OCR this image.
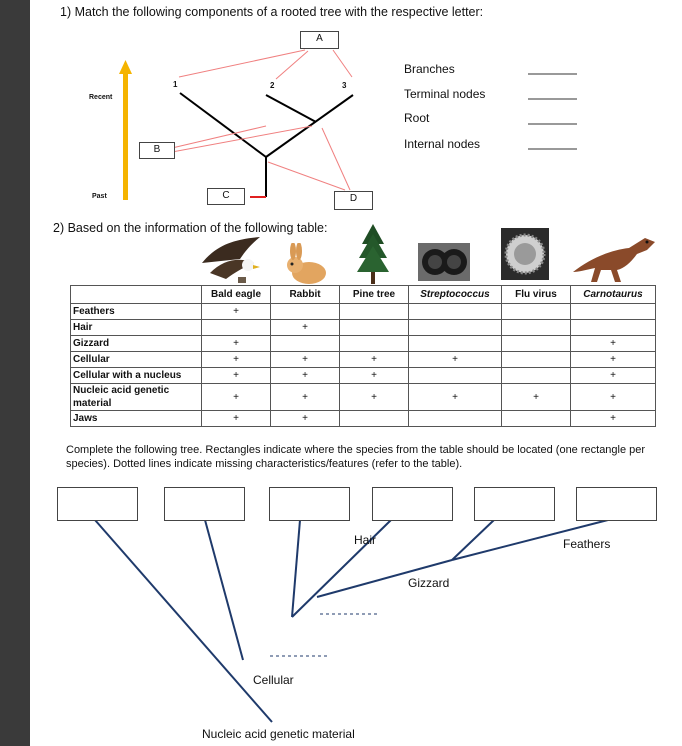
1) Match the following components of a rooted tree with the respective letter:
Recent
Past
1	2	3
A
B
C	D
Branches
Terminal nodes
Root
Internal nodes
2) Based on the information of the following table:
	Bald eagle	Rabbit	Pine tree	Streptococcus	Flu virus	Carnotaurus
Feathers	+					
Hair		+				
Gizzard	+					+
Cellular	+	+	+	+		+
Cellular with a nucleus	+	+	+			+
Nucleic acid genetic material	+	+	+	+	+	+
Jaws	+	+				+
Complete the following tree. Rectangles indicate where the species from the table should be located (one rectangle per species). Dotted lines indicate missing characteristics/features (refer to the table).
Hair	Feathers
Gizzard
Cellular
Nucleic acid genetic material
